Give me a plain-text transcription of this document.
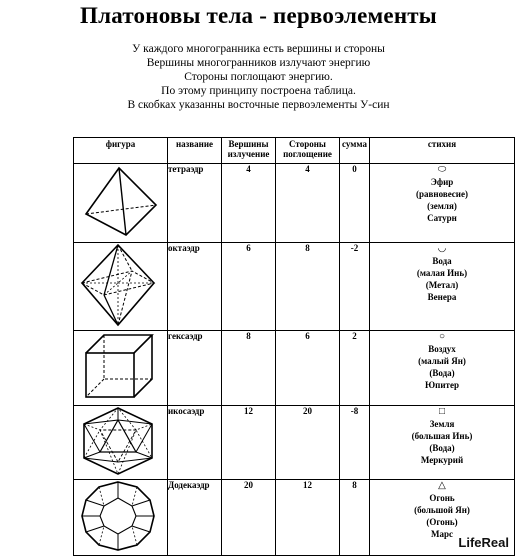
Платоновы тела - первоэлементы
У каждого многогранника есть вершины и стороны
Вершины многогранников излучают энергию
Стороны поглощают энергию.
По этому принципу построена таблица.
В скобках указанны восточные первоэлементы У-син
фигура	название	Вершины излучение	Стороны поглощение	сумма	стихия

	тетраэдр	4	4	0	⬭
Эфир
(равновесие)
(земля)
Сатурн

	октаэдр	6	8	-2	◡
Вода
(малая Инь)
(Метал)
Венера

	гексаэдр	8	6	2	○
Воздух
(малый Ян)
(Вода)
Юпитер

	икосаэдр	12	20	-8	□
Земля
(большая Инь)
(Вода)
Меркурий

	Додекаэдр	20	12	8	△
Огонь
(большой Ян)
(Огонь)
Марс
LifeReal
